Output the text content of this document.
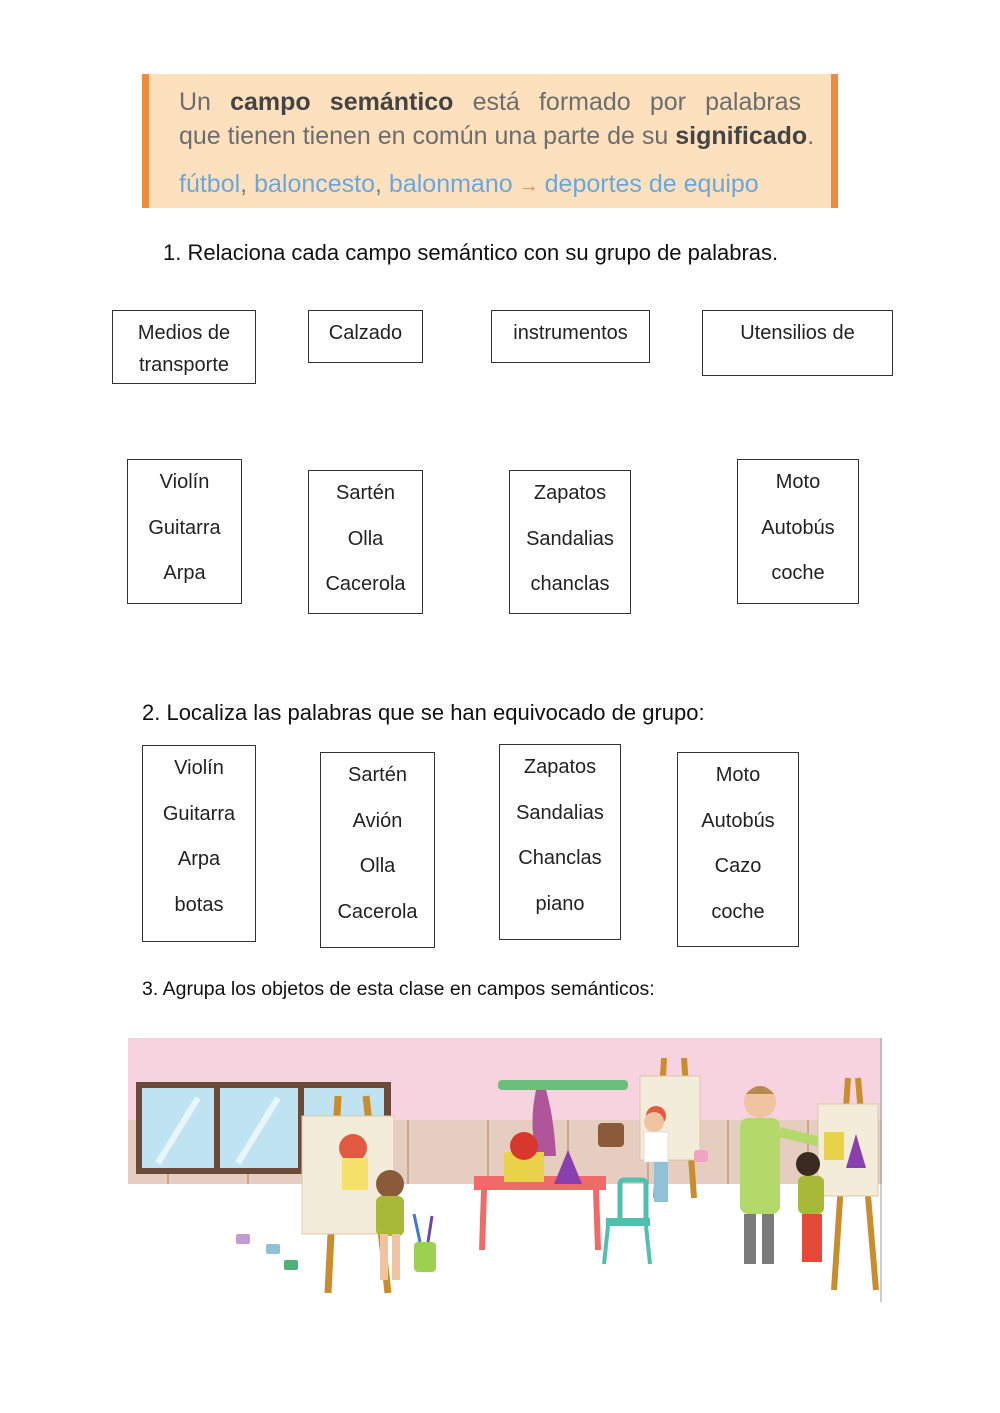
Un campo semántico está formado por palabras
que tienen tienen en común una parte de su significado.
fútbol, baloncesto, balonmano → deportes de equipo
1. Relaciona cada campo semántico con su grupo de palabras.
Medios de
transporte
Calzado	instrumentos	Utensilios de
Violín
Guitarra
Arpa
Sartén
Olla
Cacerola
Zapatos
Sandalias
chanclas
Moto
Autobús
coche
2. Localiza las palabras que se han equivocado de grupo:
Violín
Guitarra
Arpa
botas
Sartén
Avión
Olla
Cacerola
Zapatos
Sandalias
Chanclas
piano
Moto
Autobús
Cazo
coche
3. Agrupa los objetos de esta clase en campos semánticos:
